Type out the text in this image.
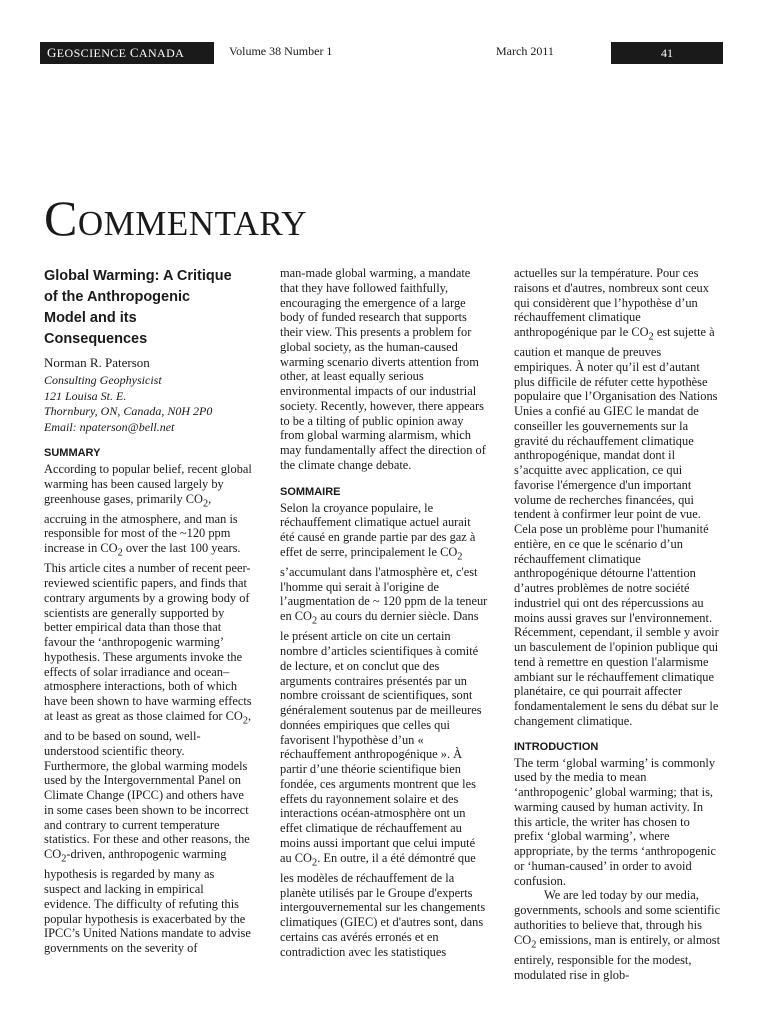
GEOSCIENCE CANADA	Volume 38 Number 1	March 2011	41
Commentary
Global Warming: A Critique
of the Anthropogenic
Model and its
Consequences
Norman R. Paterson
Consulting Geophysicist
121 Louisa St. E.
Thornbury, ON, Canada, N0H 2P0
Email: npaterson@bell.net
SUMMARY

According to popular belief, recent global warming has been caused largely by greenhouse gases, primarily $CO_2$, accruing in the atmosphere, and man is responsible for most of the ~120 ppm increase in $CO_2$ over the last 100 years. This article cites a number of recent peer-reviewed scientific papers, and finds that contrary arguments by a growing body of scientists are generally supported by better empirical data than those that favour the ‘anthropogenic warming’ hypothesis. These arguments invoke the effects of solar irradiance and ocean–atmosphere interactions, both of which have been shown to have warming effects at least as great as those claimed for $CO_2$, and to be based on sound, well-understood scientific theory. Furthermore, the global warming models used by the Intergovernmental Panel on Climate Change (IPCC) and others have in some cases been shown to be incorrect and contrary to current temperature statistics. For these and other reasons, the $CO_2$-driven, anthropogenic warming hypothesis is regarded by many as suspect and lacking in empirical evidence. The difficulty of refuting this popular hypothesis is exacerbated by the IPCC’s United Nations mandate to advise governments on the severity of

man-made global warming, a mandate that they have followed faithfully, encouraging the emergence of a large body of funded research that supports their view. This presents a problem for global society, as the human-caused warming scenario diverts attention from other, at least equally serious environmental impacts of our industrial society. Recently, however, there appears to be a tilting of public opinion away from global warming alarmism, which may fundamentally affect the direction of the climate change debate.

SOMMAIRE

Selon la croyance populaire, le réchauffement climatique actuel aurait été causé en grande partie par des gaz à effet de serre, principalement le $CO_2$ s’accumulant dans l'atmosphère et, c'est l'homme qui serait à l'origine de l’augmentation de ~ 120 ppm de la teneur en $CO_2$ au cours du dernier siècle. Dans le présent article on cite un certain nombre d’articles scientifiques à comité de lecture, et on conclut que des arguments contraires présentés par un nombre croissant de scientifiques, sont généralement soutenus par de meilleures données empiriques que celles qui favorisent l'hypothèse d’un « réchauffement anthropogénique ». À partir d’une théorie scientifique bien fondée, ces arguments montrent que les effets du rayonnement solaire et des interactions océan-atmosphère ont un effet climatique de réchauffement au moins aussi important que celui imputé au $CO_2$. En outre, il a été démontré que les modèles de réchauffement de la planète utilisés par le Groupe d'experts intergouvernemental sur les changements climatiques (GIEC) et d'autres sont, dans certains cas avérés erronés et en contradiction avec les statistiques

actuelles sur la température. Pour ces raisons et d'autres, nombreux sont ceux qui considèrent que l’hypothèse d’un réchauffement climatique anthropogénique par le $CO_2$ est sujette à caution et manque de preuves empiriques. À noter qu’il est d’autant plus difficile de réfuter cette hypothèse populaire que l’Organisation des Nations Unies a confié au GIEC le mandat de conseiller les gouvernements sur la gravité du réchauffement climatique anthropogénique, mandat dont il s’acquitte avec application, ce qui favorise l'émergence d'un important volume de recherches financées, qui tendent à confirmer leur point de vue. Cela pose un problème pour l'humanité entière, en ce que le scénario d’un réchauffement climatique anthropogénique détourne l'attention d’autres problèmes de notre société industriel qui ont des répercussions au moins aussi graves sur l'environnement. Récemment, cependant, il semble y avoir un basculement de l'opinion publique qui tend à remettre en question l'alarmisme ambiant sur le réchauffement climatique planétaire, ce qui pourrait affecter fondamentalement le sens du débat sur le changement climatique.

INTRODUCTION

The term ‘global warming’ is commonly used by the media to mean ‘anthropogenic’ global warming; that is, warming caused by human activity. In this article, the writer has chosen to prefix ‘global warming’, where appropriate, by the terms ‘anthropogenic or ‘human-caused’ in order to avoid confusion.

We are led today by our media, governments, schools and some scientific authorities to believe that, through his $CO_2$ emissions, man is entirely, or almost entirely, responsible for the modest, modulated rise in glob-
